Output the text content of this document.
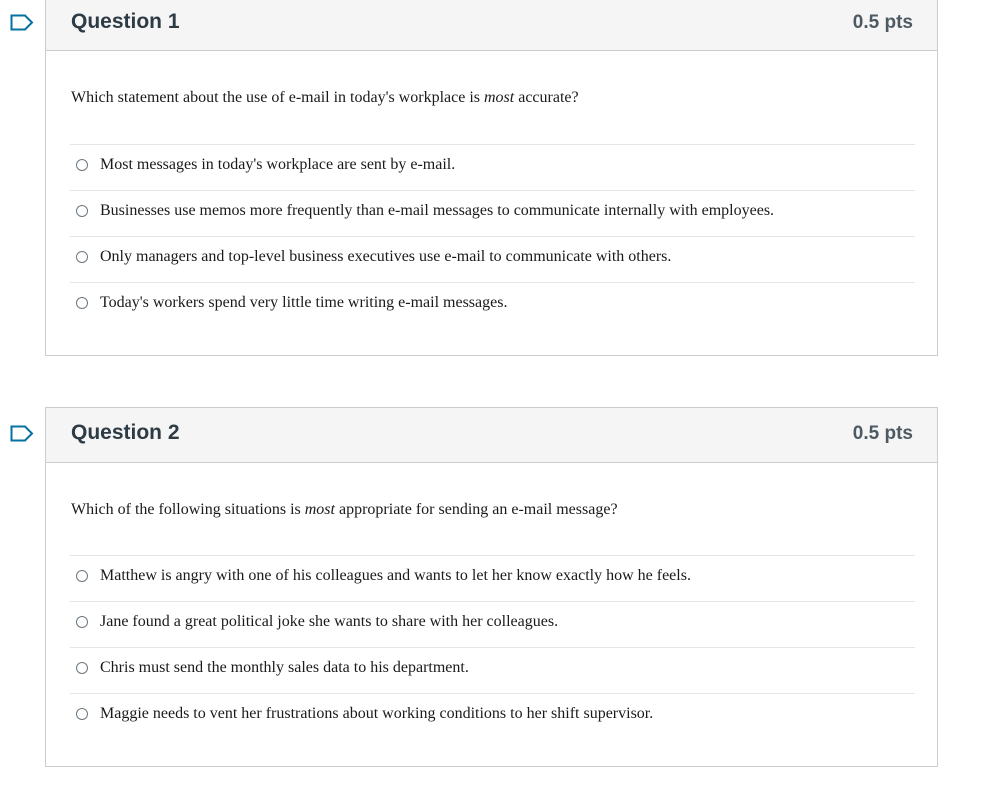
Question 1	0.5 pts
Which statement about the use of e-mail in today's workplace is most accurate?
Most messages in today's workplace are sent by e-mail.
Businesses use memos more frequently than e-mail messages to communicate internally with employees.
Only managers and top-level business executives use e-mail to communicate with others.
Today's workers spend very little time writing e-mail messages.
Question 2	0.5 pts
Which of the following situations is most appropriate for sending an e-mail message?
Matthew is angry with one of his colleagues and wants to let her know exactly how he feels.
Jane found a great political joke she wants to share with her colleagues.
Chris must send the monthly sales data to his department.
Maggie needs to vent her frustrations about working conditions to her shift supervisor.
